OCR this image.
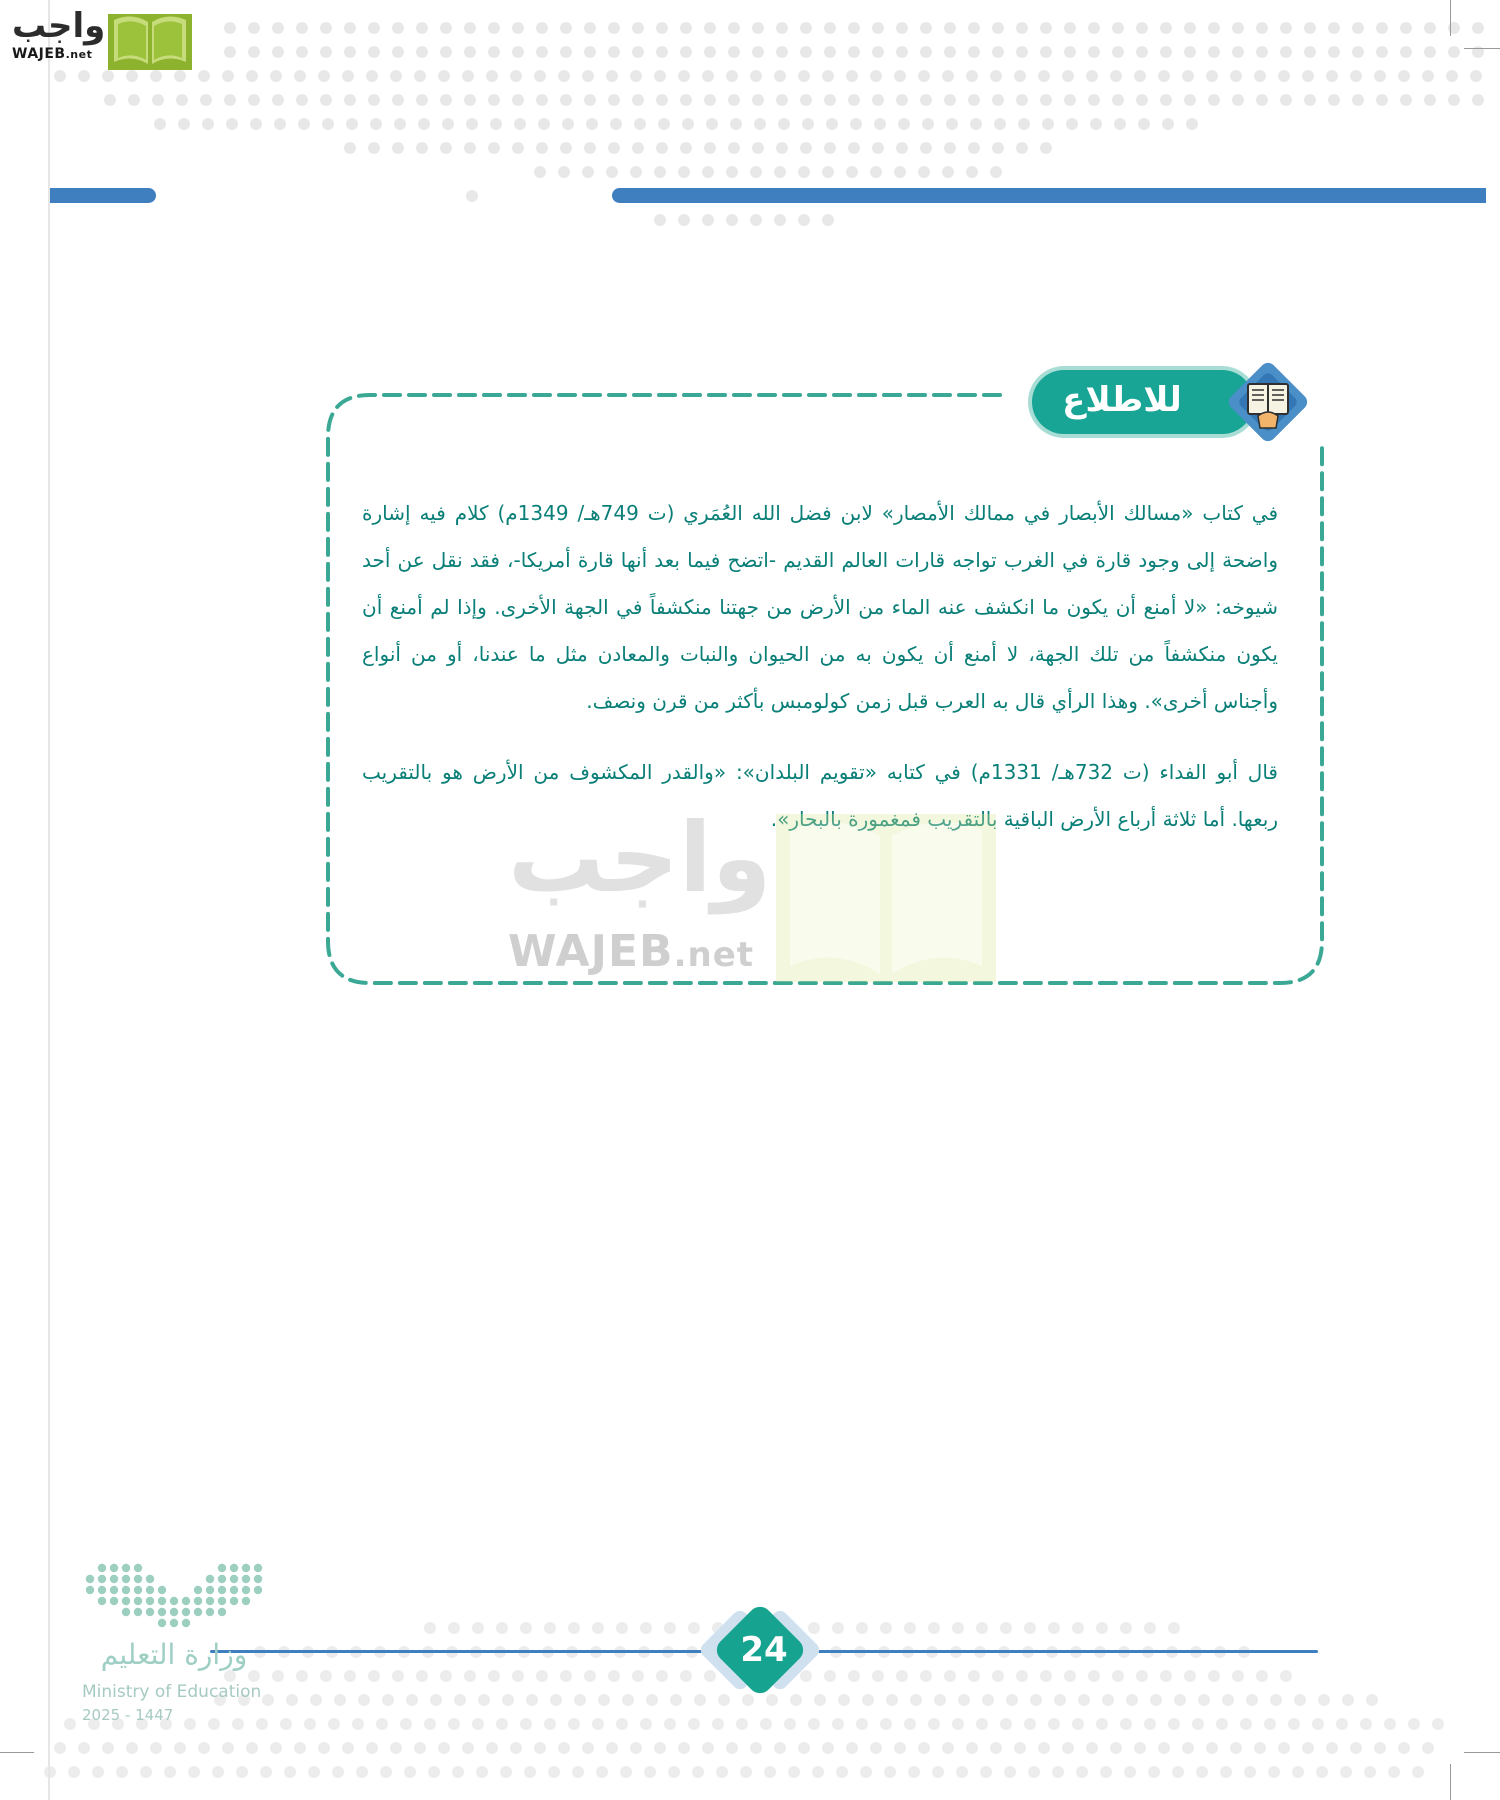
واجب
WAJEB.net
للاطلاع

في كتاب «مسالك الأبصار في ممالك الأمصار» لابن فضل الله العُمَري (ت 749هـ/ 1349م) كلام فيه إشارة واضحة إلى وجود قارة في الغرب تواجه قارات العالم القديم -اتضح فيما بعد أنها قارة أمريكا-، فقد نقل عن أحد شيوخه: «لا أمنع أن يكون ما انكشف عنه الماء من الأرض من جهتنا منكشفاً في الجهة الأخرى. وإذا لم أمنع أن يكون منكشفاً من تلك الجهة، لا أمنع أن يكون به من الحيوان والنبات والمعادن مثل ما عندنا، أو من أنواع وأجناس أخرى». وهذا الرأي قال به العرب قبل زمن كولومبس بأكثر من قرن ونصف.

قال أبو الفداء (ت 732هـ/ 1331م) في كتابه «تقويم البلدان»: «والقدر المكشوف من الأرض هو بالتقريب ربعها. أما ثلاثة أرباع الأرض الباقية بالتقريب فمغمورة بالبحار».

واجب
WAJEB.net
24
وزارة التعليم
Ministry of Education
2025 - 1447
